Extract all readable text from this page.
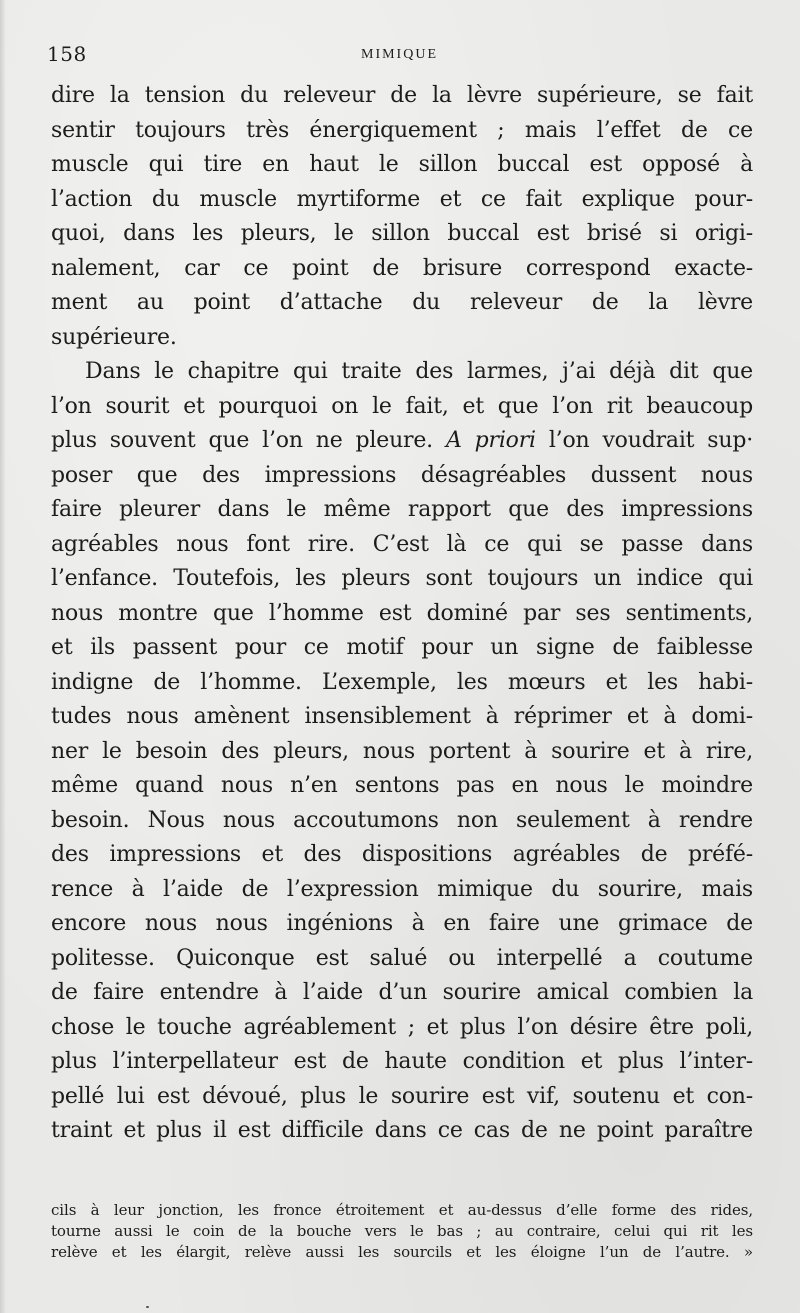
158	MIMIQUE
dire la tension du releveur de la lèvre supérieure, se fait
sentir toujours très énergiquement ; mais l’effet de ce
muscle qui tire en haut le sillon buccal est opposé à
l’action du muscle myrtiforme et ce fait explique pour-
quoi, dans les pleurs, le sillon buccal est brisé si origi-
nalement, car ce point de brisure correspond exacte-
ment au point d’attache du releveur de la lèvre
supérieure.
Dans le chapitre qui traite des larmes, j’ai déjà dit que
l’on sourit et pourquoi on le fait, et que l’on rit beaucoup
plus souvent que l’on ne pleure. A priori l’on voudrait sup·
poser que des impressions désagréables dussent nous
faire pleurer dans le même rapport que des impressions
agréables nous font rire. C’est là ce qui se passe dans
l’enfance. Toutefois, les pleurs sont toujours un indice qui
nous montre que l’homme est dominé par ses sentiments,
et ils passent pour ce motif pour un signe de faiblesse
indigne de l’homme. L’exemple, les mœurs et les habi-
tudes nous amènent insensiblement à réprimer et à domi-
ner le besoin des pleurs, nous portent à sourire et à rire,
même quand nous n’en sentons pas en nous le moindre
besoin. Nous nous accoutumons non seulement à rendre
des impressions et des dispositions agréables de préfé-
rence à l’aide de l’expression mimique du sourire, mais
encore nous nous ingénions à en faire une grimace de
politesse. Quiconque est salué ou interpellé a coutume
de faire entendre à l’aide d’un sourire amical combien la
chose le touche agréablement ; et plus l’on désire être poli,
plus l’interpellateur est de haute condition et plus l’inter-
pellé lui est dévoué, plus le sourire est vif, soutenu et con-
traint et plus il est difficile dans ce cas de ne point paraître
cils à leur jonction, les fronce étroitement et au-dessus d’elle forme des rides,
tourne aussi le coin de la bouche vers le bas ; au contraire, celui qui rit les
relève et les élargit, relève aussi les sourcils et les éloigne l’un de l’autre. »
